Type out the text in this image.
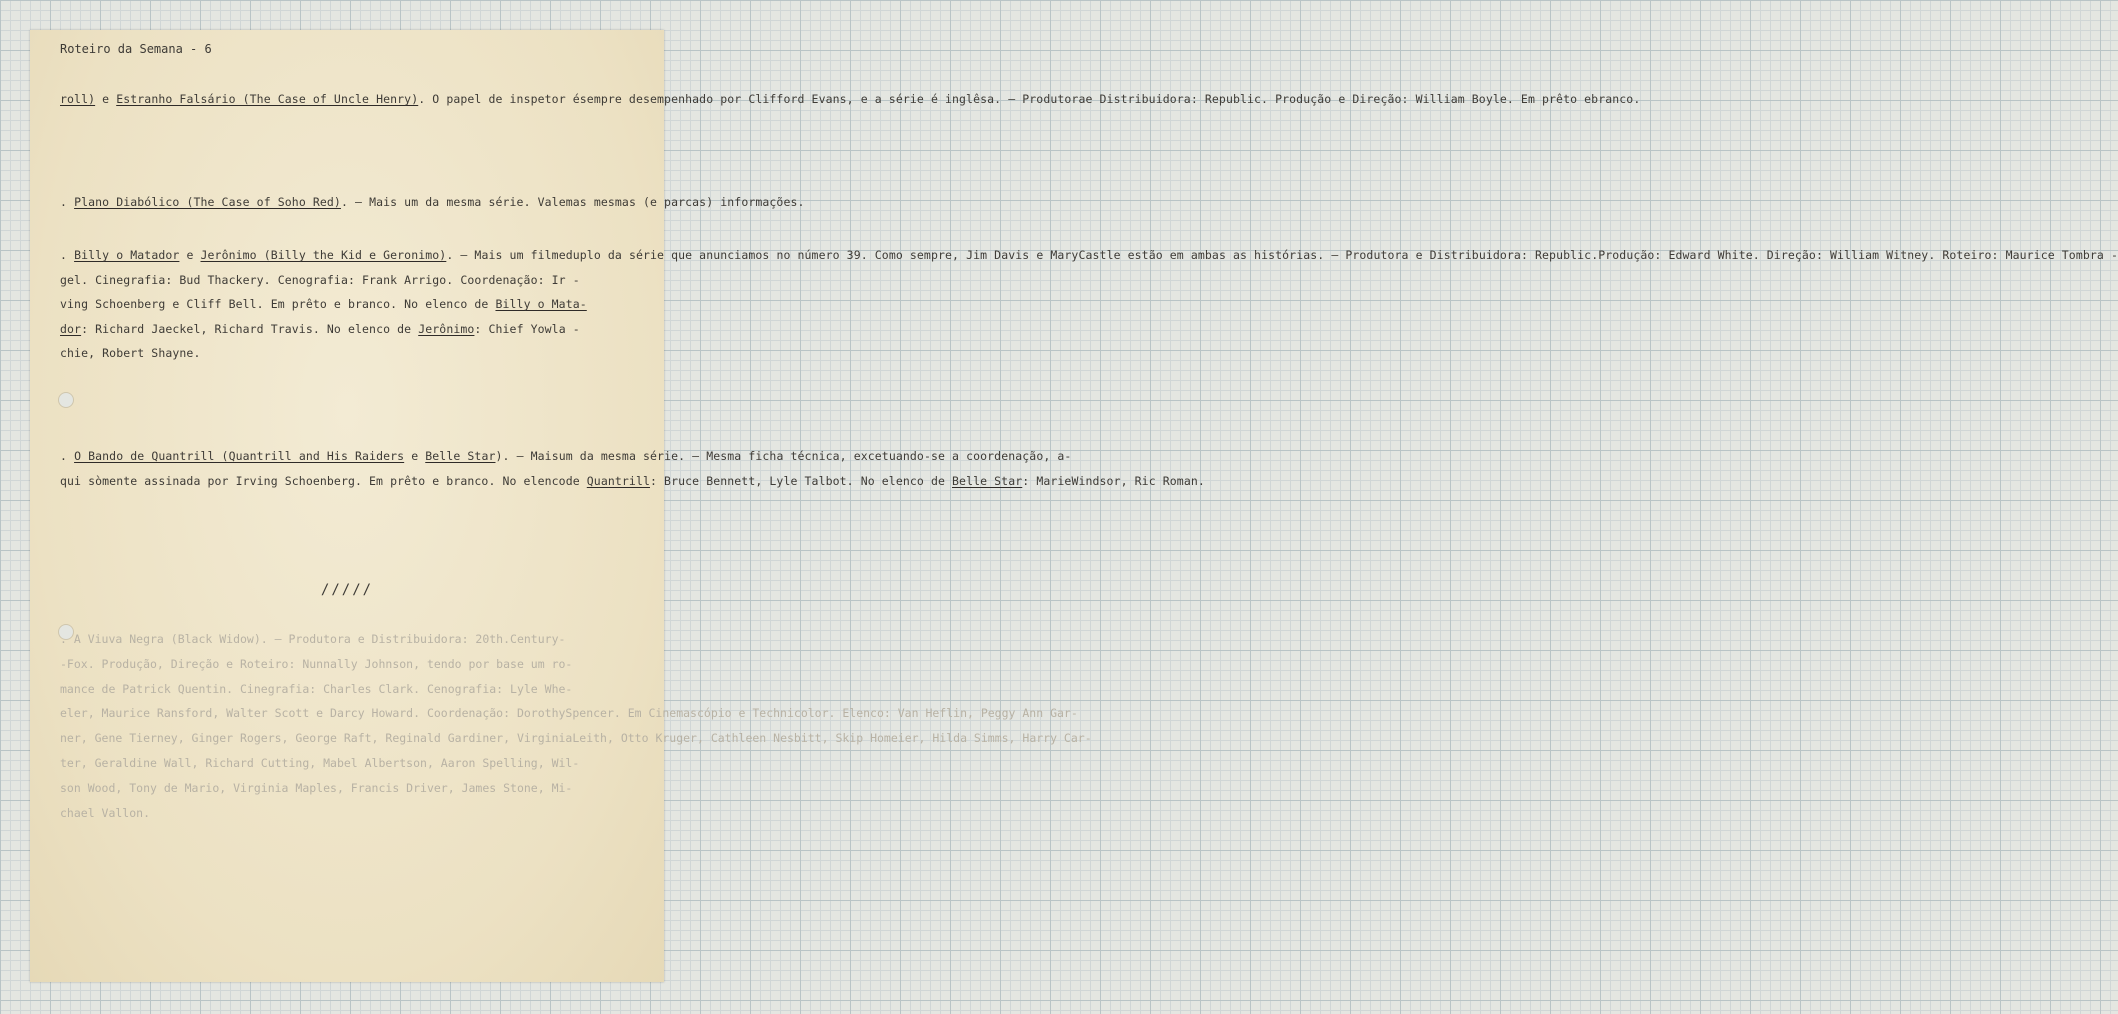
Roteiro da Semana - 6
roll) e Estranho Falsário (The Case of Uncle Henry). O papel de inspetor ésempre desempenhado por Clifford Evans, e a série é inglêsa. — Produtorae Distribuidora: Republic. Produção e Direção: William Boyle. Em prêto ebranco.
. Plano Diabólico (The Case of Soho Red). — Mais um da mesma série. Valemas mesmas (e parcas) informações.
. Billy o Matador e Jerônimo (Billy the Kid e Geronimo). — Mais um filmeduplo da série que anunciamos no número 39. Como sempre, Jim Davis e MaryCastle estão em ambas as histórias. — Produtora e Distribuidora: Republic.Produção: Edward White. Direção: William Witney. Roteiro: Maurice Tombra -gel. Cinegrafia: Bud Thackery. Cenografia: Frank Arrigo. Coordenação: Ir -ving Schoenberg e Cliff Bell. Em prêto e branco. No elenco de Billy o Mata-dor: Richard Jaeckel, Richard Travis. No elenco de Jerônimo: Chief Yowla -chie, Robert Shayne.
. O Bando de Quantrill (Quantrill and His Raiders e Belle Star). — Maisum da mesma série. — Mesma ficha técnica, excetuando-se a coordenação, a-qui sòmente assinada por Irving Schoenberg. Em prêto e branco. No elencode Quantrill: Bruce Bennett, Lyle Talbot. No elenco de Belle Star: MarieWindsor, Ric Roman.
/////
. A Viuva Negra (Black Widow). — Produtora e Distribuidora: 20th.Century--Fox. Produção, Direção e Roteiro: Nunnally Johnson, tendo por base um ro-mance de Patrick Quentin. Cinegrafia: Charles Clark. Cenografia: Lyle Whe-eler, Maurice Ransford, Walter Scott e Darcy Howard. Coordenação: DorothySpencer. Em Cinemascópio e Technicolor. Elenco: Van Heflin, Peggy Ann Gar-ner, Gene Tierney, Ginger Rogers, George Raft, Reginald Gardiner, VirginiaLeith, Otto Kruger, Cathleen Nesbitt, Skip Homeier, Hilda Simms, Harry Car-ter, Geraldine Wall, Richard Cutting, Mabel Albertson, Aaron Spelling, Wil-son Wood, Tony de Mario, Virginia Maples, Francis Driver, James Stone, Mi-chael Vallon.
